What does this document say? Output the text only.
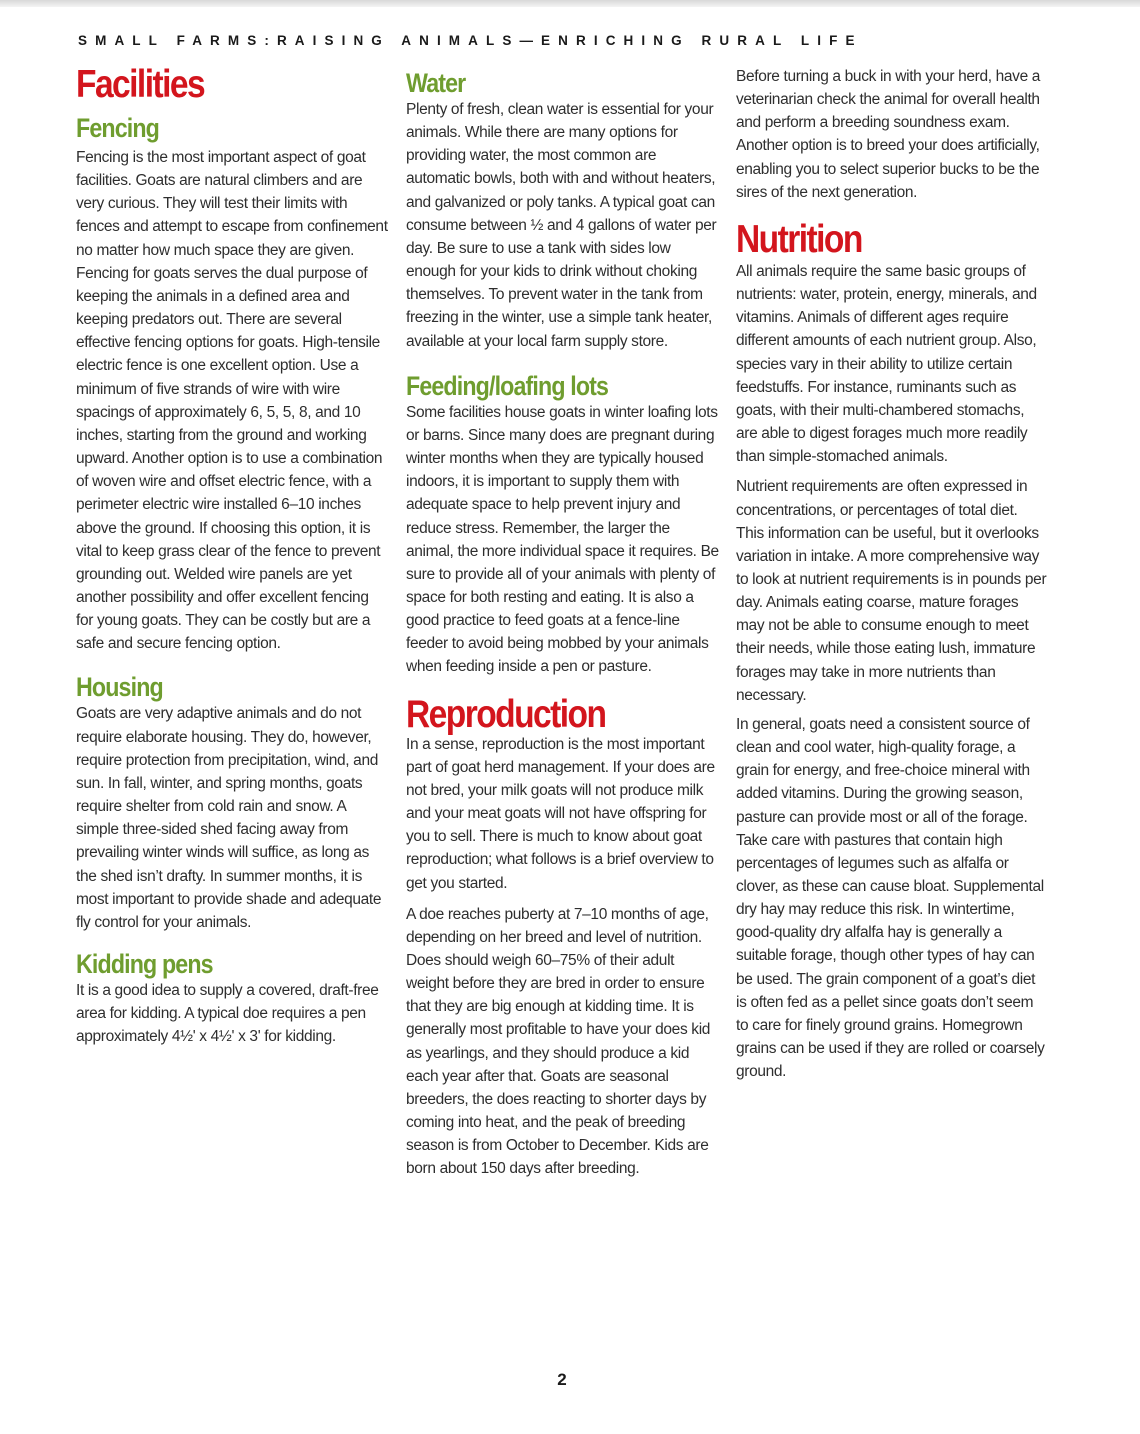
SMALL FARMS:RAISING ANIMALS—ENRICHING RURAL LIFE
Facilities
Fencing

Fencing is the most important aspect of goat facilities. Goats are natural climbers and are very curious. They will test their limits with fences and attempt to escape from confinement no matter how much space they are given. Fencing for goats serves the dual purpose of keeping the animals in a defined area and keeping predators out. There are several effective fencing options for goats. High-tensile electric fence is one excellent option. Use a minimum of five strands of wire with wire spacings of approximately 6, 5, 5, 8, and 10 inches, starting from the ground and working upward. Another option is to use a combination of woven wire and offset electric fence, with a perimeter electric wire installed 6–10 inches above the ground. If choosing this option, it is vital to keep grass clear of the fence to prevent grounding out. Welded wire panels are yet another possibility and offer excellent fencing for young goats. They can be costly but are a safe and secure fencing option.

Housing

Goats are very adaptive animals and do not require elaborate housing. They do, however, require protection from precipitation, wind, and sun. In fall, winter, and spring months, goats require shelter from cold rain and snow. A simple three-sided shed facing away from prevailing winter winds will suffice, as long as the shed isn’t drafty. In summer months, it is most important to provide shade and adequate fly control for your animals.

Kidding pens

It is a good idea to supply a covered, draft-free area for kidding. A typical doe requires a pen approximately 4½' x 4½' x 3' for kidding.

Water

Plenty of fresh, clean water is essential for your animals. While there are many options for providing water, the most common are automatic bowls, both with and without heaters, and galvanized or poly tanks. A typical goat can consume between ½ and 4 gallons of water per day. Be sure to use a tank with sides low enough for your kids to drink without choking themselves. To prevent water in the tank from freezing in the winter, use a simple tank heater, available at your local farm supply store.

Feeding/loafing lots

Some facilities house goats in winter loafing lots or barns. Since many does are pregnant during winter months when they are typically housed indoors, it is important to supply them with adequate space to help prevent injury and reduce stress. Remember, the larger the animal, the more individual space it requires. Be sure to provide all of your animals with plenty of space for both resting and eating. It is also a good practice to feed goats at a fence-line feeder to avoid being mobbed by your animals when feeding inside a pen or pasture.

Reproduction

In a sense, reproduction is the most important part of goat herd management. If your does are not bred, your milk goats will not produce milk and your meat goats will not have offspring for you to sell. There is much to know about goat reproduction; what follows is a brief overview to get you started.

A doe reaches puberty at 7–10 months of age, depending on her breed and level of nutrition. Does should weigh 60–75% of their adult weight before they are bred in order to ensure that they are big enough at kidding time. It is generally most profitable to have your does kid as yearlings, and they should produce a kid each year after that. Goats are seasonal breeders, the does reacting to shorter days by coming into heat, and the peak of breeding season is from October to December. Kids are born about 150 days after breeding.

Before turning a buck in with your herd, have a veterinarian check the animal for overall health and perform a breeding soundness exam. Another option is to breed your does artificially, enabling you to select superior bucks to be the sires of the next generation.

Nutrition

All animals require the same basic groups of nutrients: water, protein, energy, minerals, and vitamins. Animals of different ages require different amounts of each nutrient group. Also, species vary in their ability to utilize certain feedstuffs. For instance, ruminants such as goats, with their multi-chambered stomachs, are able to digest forages much more readily than simple-stomached animals.

Nutrient requirements are often expressed in concentrations, or percentages of total diet. This information can be useful, but it overlooks variation in intake. A more comprehensive way to look at nutrient requirements is in pounds per day. Animals eating coarse, mature forages may not be able to consume enough to meet their needs, while those eating lush, immature forages may take in more nutrients than necessary.

In general, goats need a consistent source of clean and cool water, high-quality forage, a grain for energy, and free-choice mineral with added vitamins. During the growing season, pasture can provide most or all of the forage. Take care with pastures that contain high percentages of legumes such as alfalfa or clover, as these can cause bloat. Supplemental dry hay may reduce this risk. In wintertime, good-quality dry alfalfa hay is generally a suitable forage, though other types of hay can be used. The grain component of a goat’s diet is often fed as a pellet since goats don’t seem to care for finely ground grains. Homegrown grains can be used if they are rolled or coarsely ground.

2
